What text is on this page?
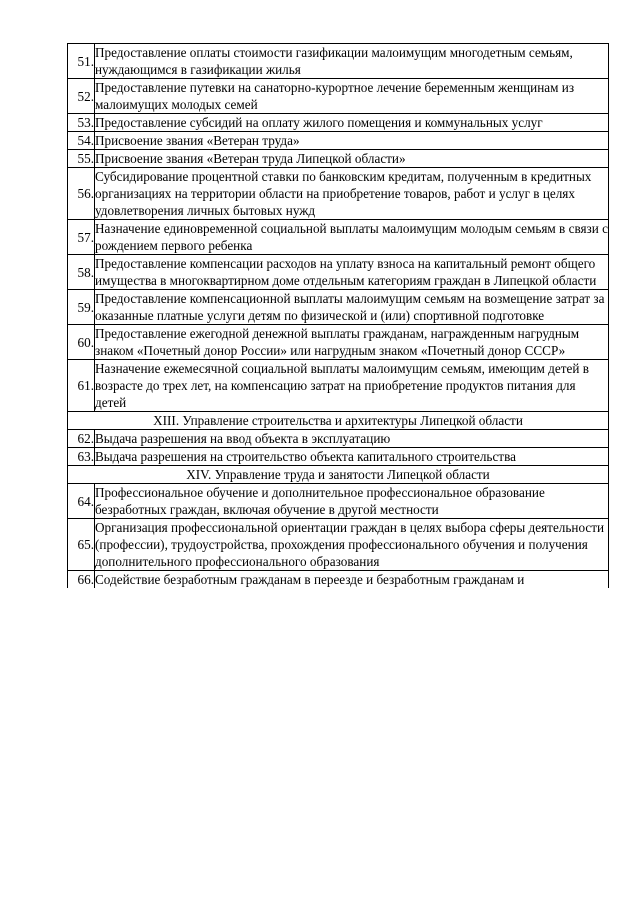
51.	Предоставление оплаты стоимости газификации малоимущим многодетным семьям, нуждающимся в газификации жилья
52.	Предоставление путевки на санаторно-курортное лечение беременным женщинам из малоимущих молодых семей
53.	Предоставление субсидий на оплату жилого помещения и коммунальных услуг
54.	Присвоение звания «Ветеран труда»
55.	Присвоение звания «Ветеран труда Липецкой области»
56.	Субсидирование процентной ставки по банковским кредитам, полученным в кредитных организациях на территории области на приобретение товаров, работ и услуг в целях удовлетворения личных бытовых нужд
57.	Назначение единовременной социальной выплаты малоимущим молодым семьям в связи с рождением первого ребенка
58.	Предоставление компенсации расходов на уплату взноса на капитальный ремонт общего имущества в многоквартирном доме отдельным категориям граждан в Липецкой области
59.	Предоставление компенсационной выплаты малоимущим семьям на возмещение затрат за оказанные платные услуги детям по физической и (или) спортивной подготовке
60.	Предоставление ежегодной денежной выплаты гражданам, награжденным нагрудным знаком «Почетный донор России» или нагрудным знаком «Почетный донор СССР»
61.	Назначение ежемесячной социальной выплаты малоимущим семьям, имеющим детей в возрасте до трех лет, на компенсацию затрат на приобретение продуктов питания для детей
XIII. Управление строительства и архитектуры Липецкой области	
62.	Выдача разрешения на ввод объекта в эксплуатацию
63.	Выдача разрешения на строительство объекта капитального строительства
XIV. Управление труда и занятости Липецкой области	
64.	Профессиональное обучение и дополнительное профессиональное образование безработных граждан, включая обучение в другой местности
65.	Организация профессиональной ориентации граждан в целях выбора сферы деятельности (профессии), трудоустройства, прохождения профессионального обучения и получения дополнительного профессионального образования
66.	Содействие безработным гражданам в переезде и безработным гражданам и
